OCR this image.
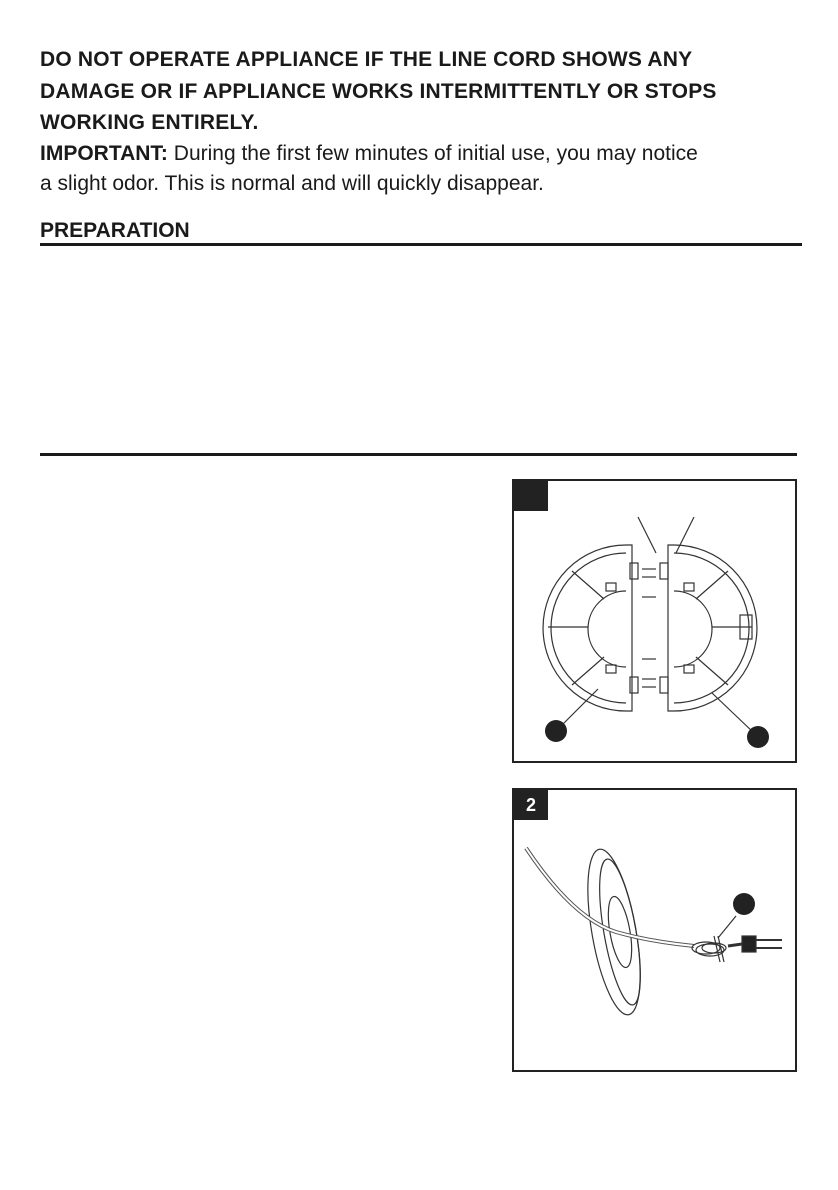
DO NOT OPERATE APPLIANCE IF THE LINE CORD SHOWS ANY
DAMAGE OR IF APPLIANCE WORKS INTERMITTENTLY OR STOPS
WORKING ENTIRELY.
IMPORTANT: During the first few minutes of initial use, you may notice
a slight odor. This is normal and will quickly disappear.
PREPARATION
2
